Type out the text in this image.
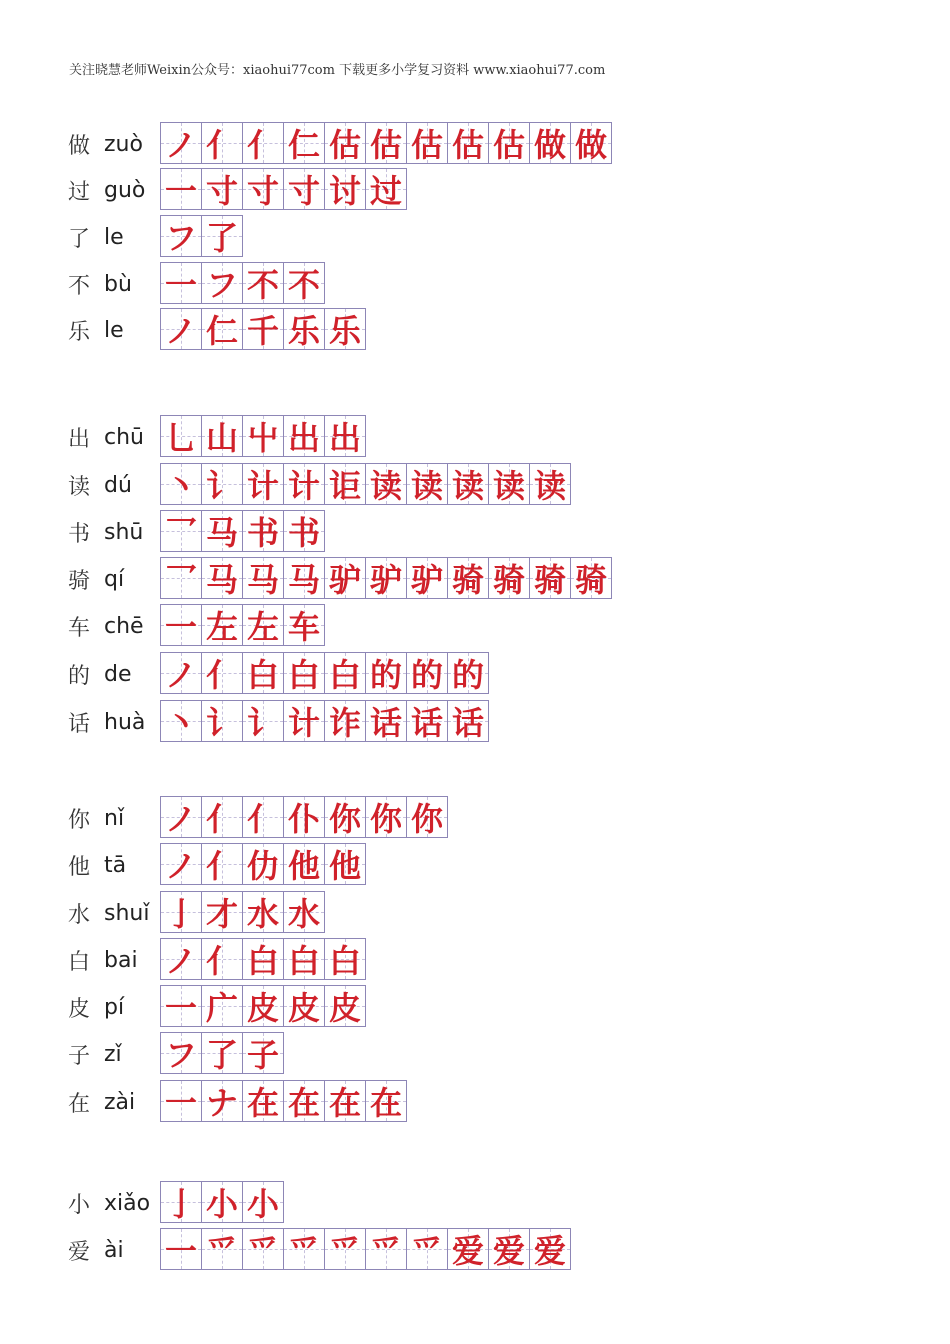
关注晓慧老师Weixin公众号：xiaohui77com 下载更多小学复习资料 www.xiaohui77.com
做 zuò ノ 亻 亻 仁 估 估 估 估 估 做 做
过 guò 一 寸 寸 寸 讨 过
了 le	フ 了
不 bù	一 フ 不 不
乐 le	ノ 仁 千 乐 乐
出 chū 乚 山 屮 出 出
读 dú	丶 讠 计 计 讵 读 读 读 读 读
书 shū 乛 马 书 书
骑 qí	乛 马 马 马 驴 驴 驴 骑 骑 骑 骑
车 chē 一 左 左 车
的 de	ノ 亻 白 白 白 的 的 的
话 huà 丶 讠 讠 计 诈 话 话 话
你 nǐ	ノ 亻 亻 仆 你 你 你
他 tā	ノ 亻 仂 他 他
水 shuǐ 亅 才 水 水
白 bai ノ 亻 白 白 白
皮 pí	一 广 皮 皮 皮
子 zǐ	フ 了 子
在 zài 一 ナ 在 在 在 在
小 xiǎo 亅 小 小
爱 ài	一 爫 爫 爫 爫 爫 爫 爱 爱 爱
